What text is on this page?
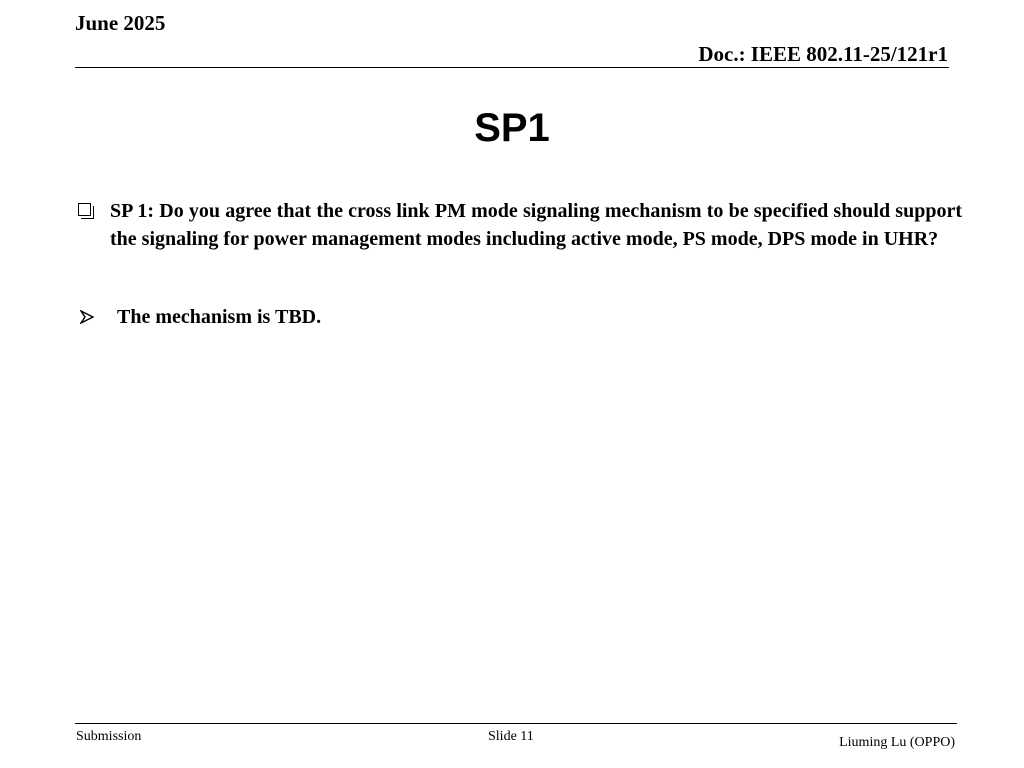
June 2025
Doc.: IEEE 802.11-25/121r1
SP1
SP 1: Do you agree that the cross link PM mode signaling mechanism to be specified should support the signaling for power management modes including active mode, PS mode, DPS mode in UHR?
The mechanism is TBD.
Submission	Slide 11	Liuming Lu (OPPO)
